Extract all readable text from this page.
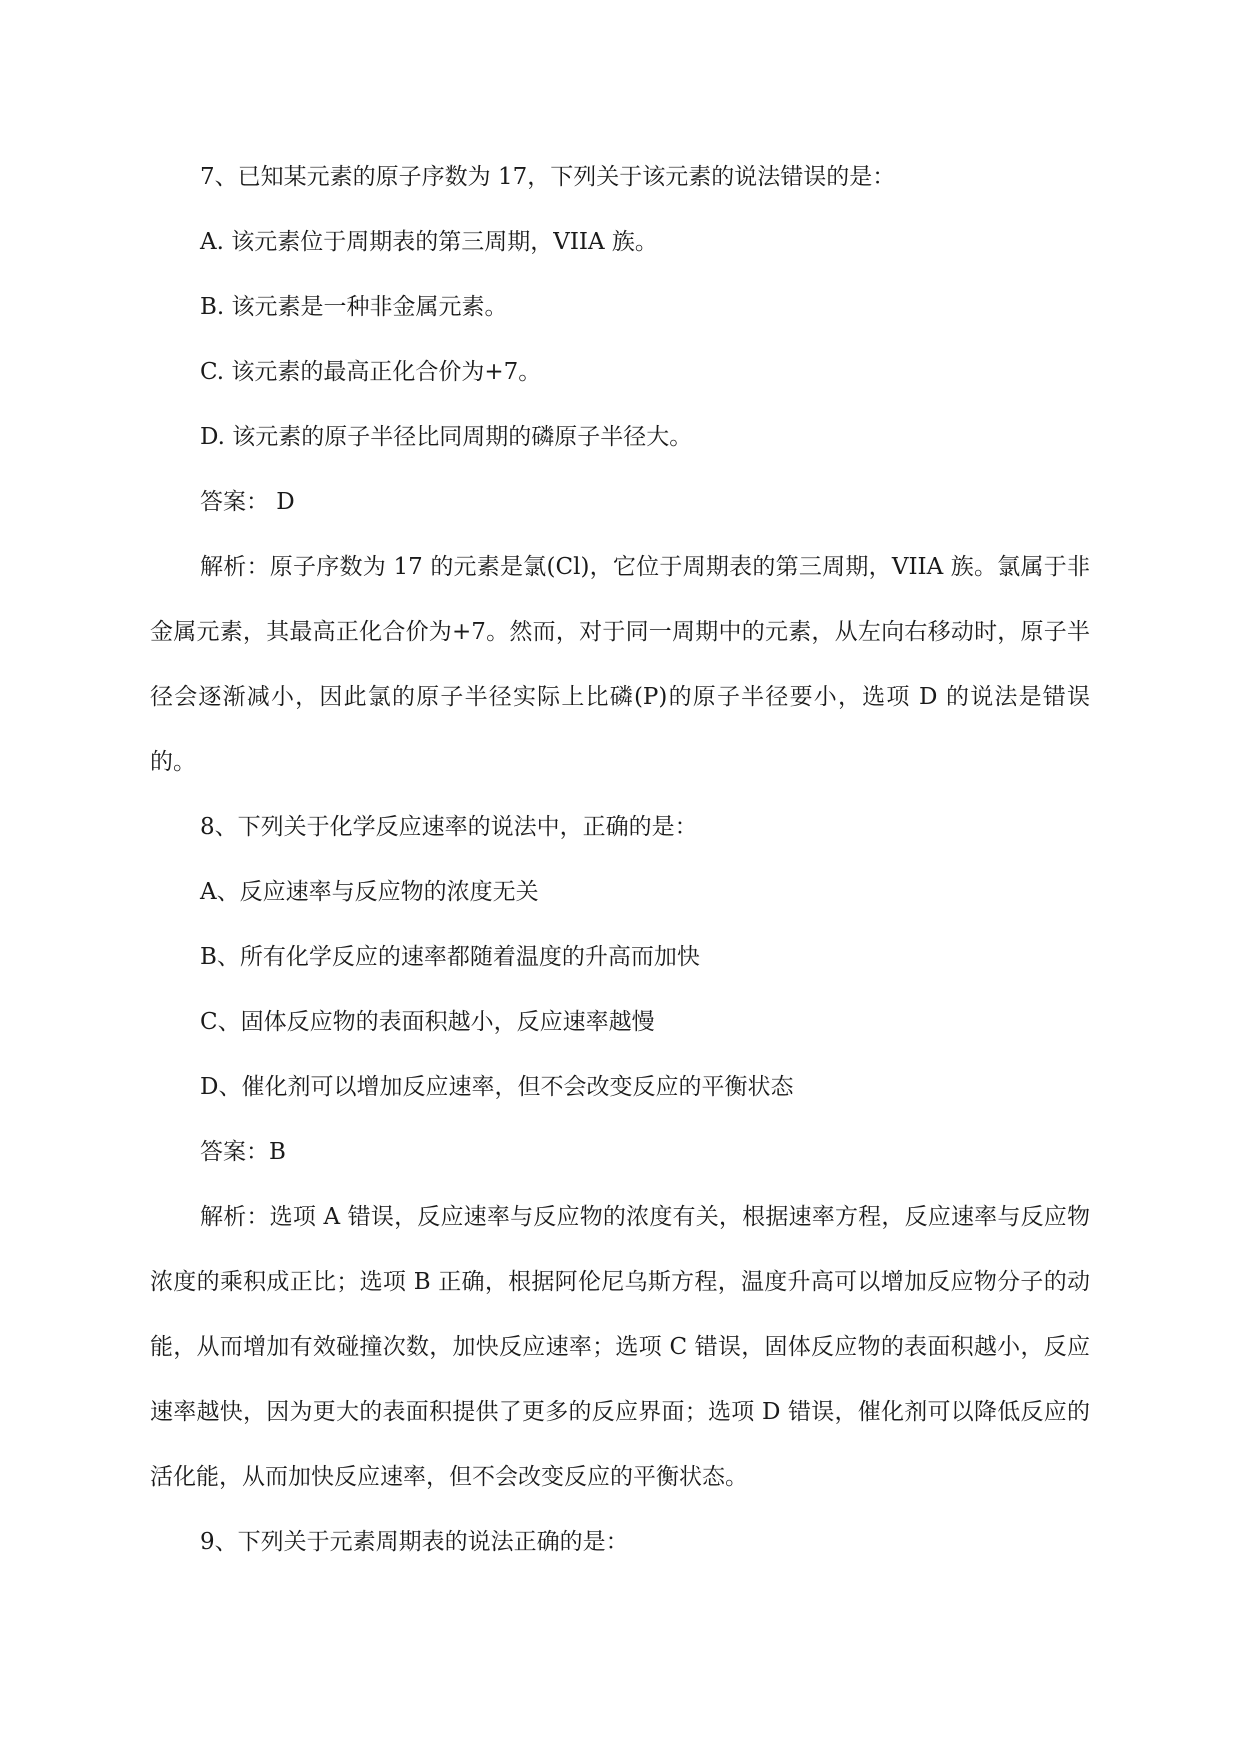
7、已知某元素的原子序数为 17，下列关于该元素的说法错误的是：
A. 该元素位于周期表的第三周期，VIIA 族。
B. 该元素是一种非金属元素。
C. 该元素的最高正化合价为+7。
D. 该元素的原子半径比同周期的磷原子半径大。
答案： D

解析：原子序数为 17 的元素是氯(Cl)，它位于周期表的第三周期，VIIA 族。氯属于非金属元素，其最高正化合价为+7。然而，对于同一周期中的元素，从左向右移动时，原子半径会逐渐减小，因此氯的原子半径实际上比磷(P)的原子半径要小，选项 D 的说法是错误的。

8、下列关于化学反应速率的说法中，正确的是：
A、反应速率与反应物的浓度无关
B、所有化学反应的速率都随着温度的升高而加快
C、固体反应物的表面积越小，反应速率越慢
D、催化剂可以增加反应速率，但不会改变反应的平衡状态
答案：B

解析：选项 A 错误，反应速率与反应物的浓度有关，根据速率方程，反应速率与反应物浓度的乘积成正比；选项 B 正确，根据阿伦尼乌斯方程，温度升高可以增加反应物分子的动能，从而增加有效碰撞次数，加快反应速率；选项 C 错误，固体反应物的表面积越小，反应速率越快，因为更大的表面积提供了更多的反应界面；选项 D 错误，催化剂可以降低反应的活化能，从而加快反应速率，但不会改变反应的平衡状态。

9、下列关于元素周期表的说法正确的是：
